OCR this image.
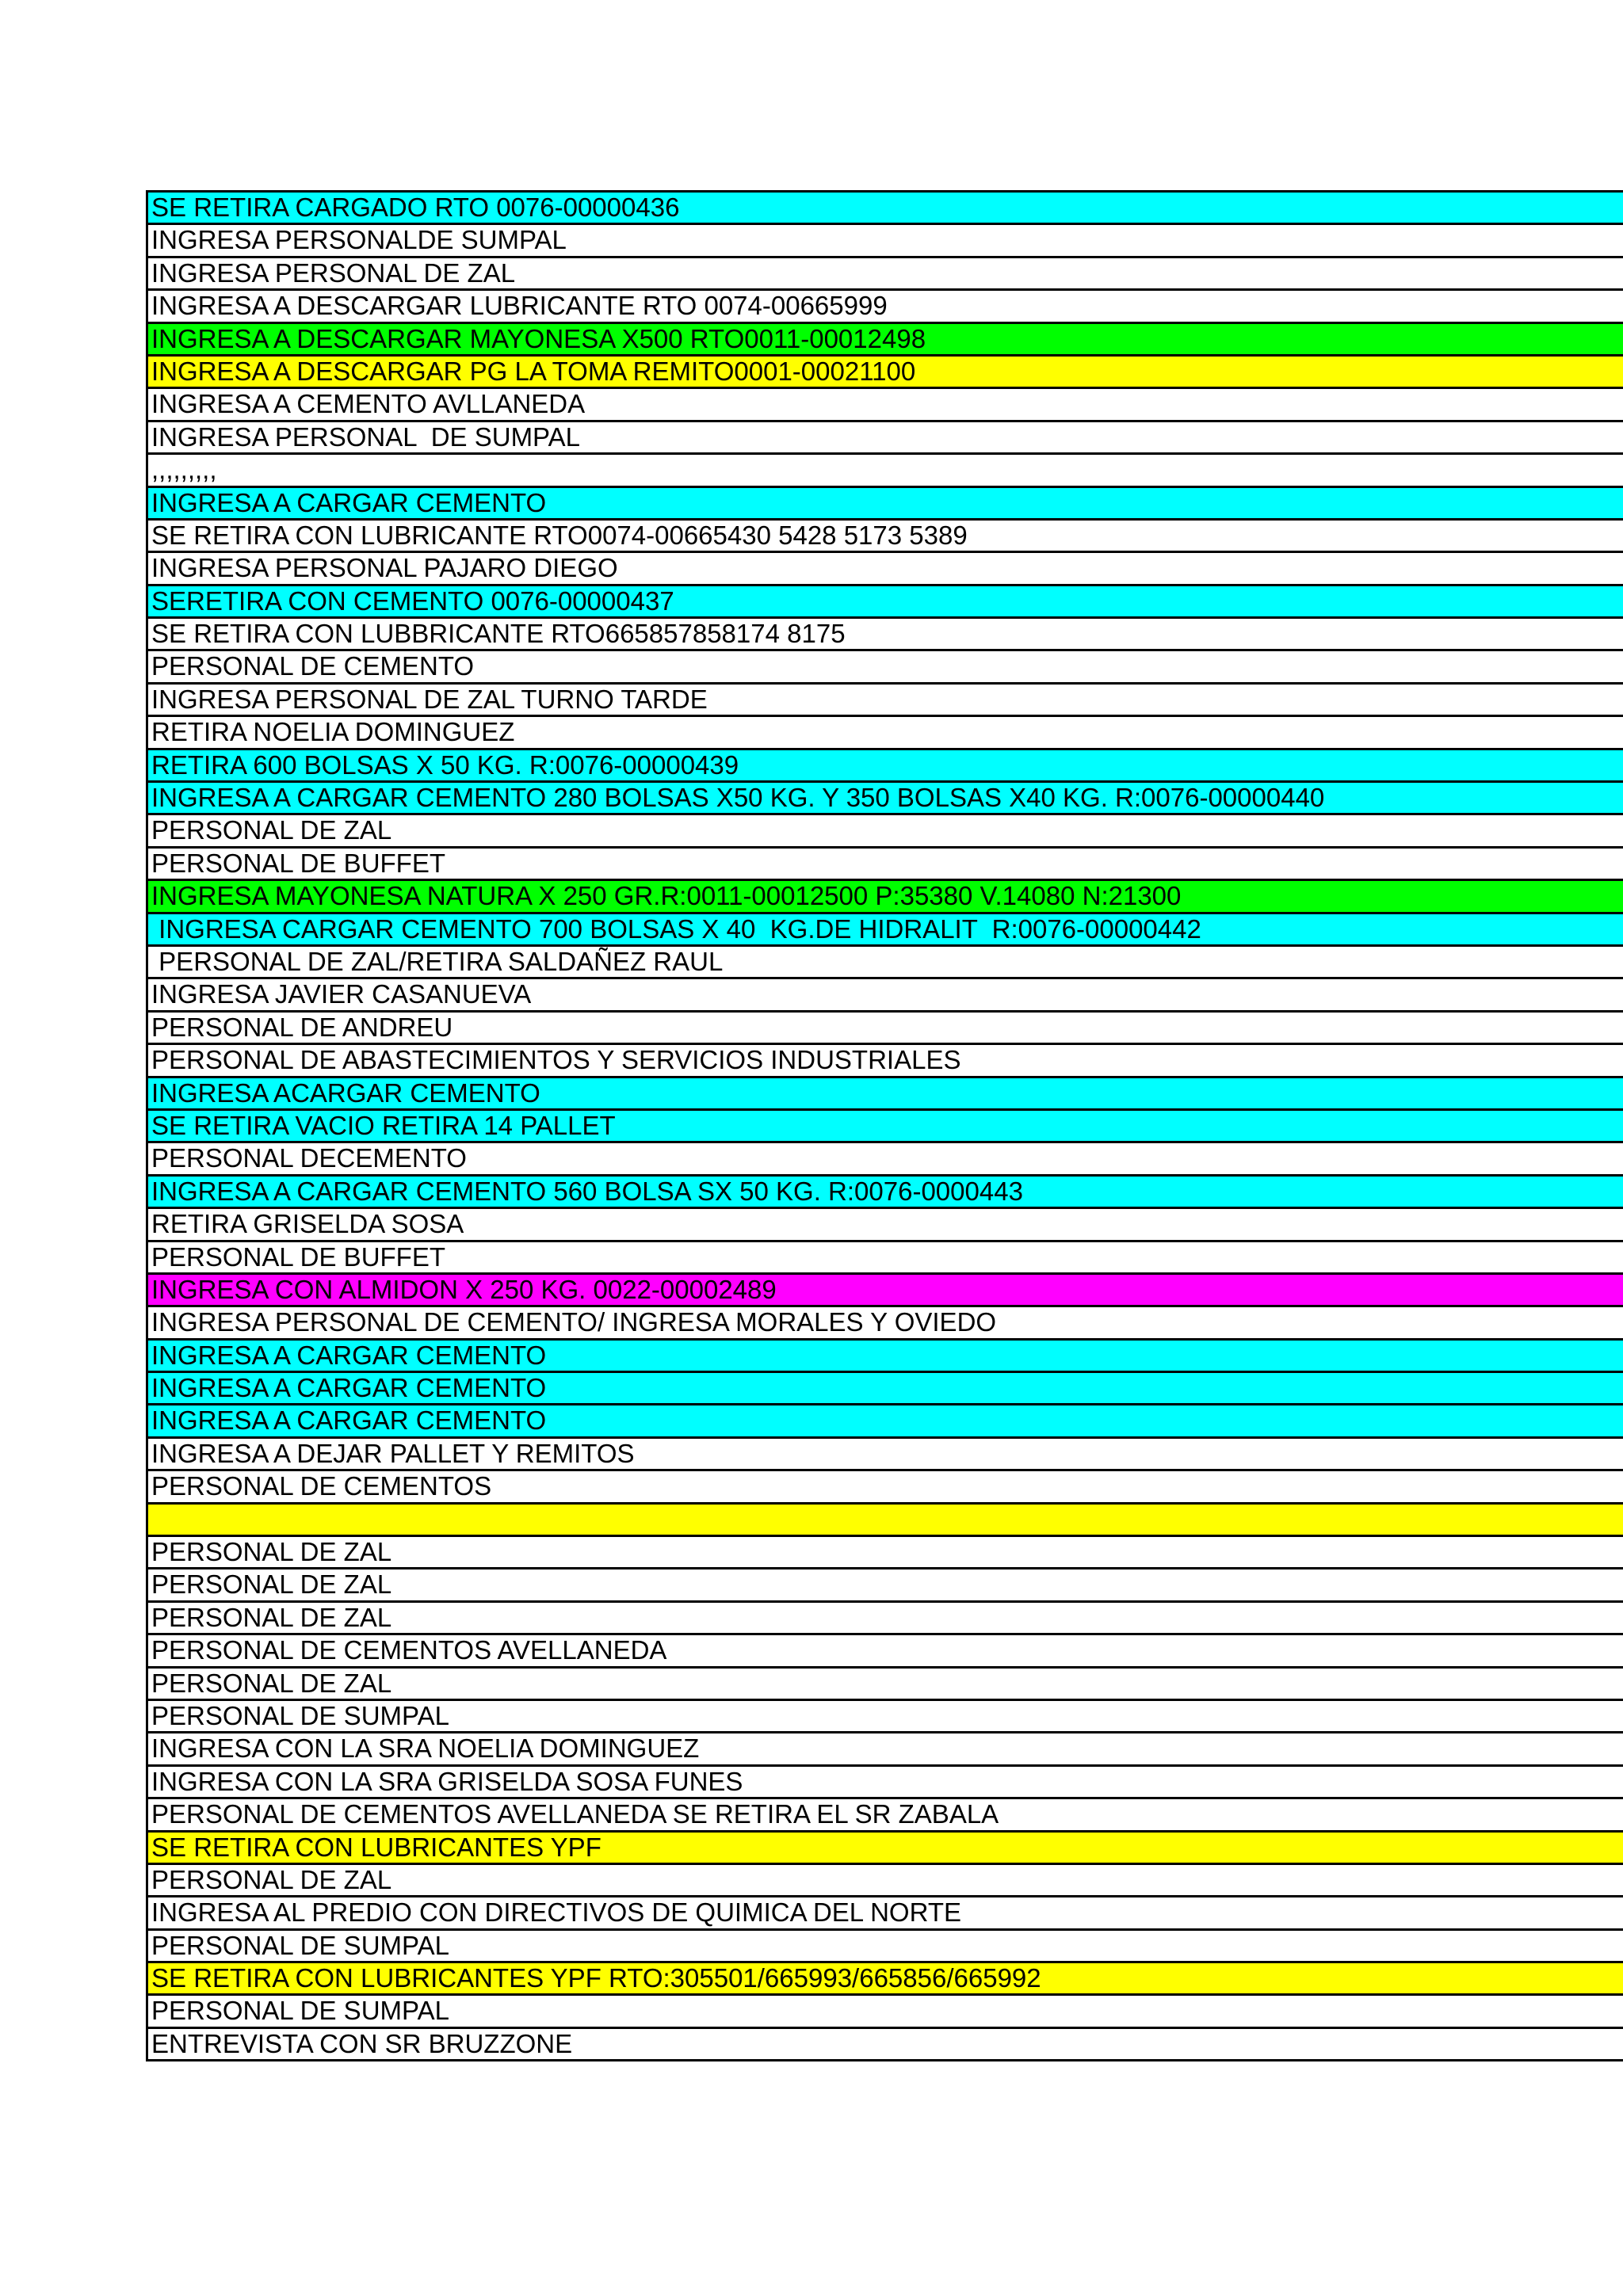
SE RETIRA CARGADO RTO 0076-00000436
INGRESA PERSONALDE SUMPAL
INGRESA PERSONAL DE ZAL
INGRESA A DESCARGAR LUBRICANTE RTO 0074-00665999
INGRESA A DESCARGAR MAYONESA X500 RTO0011-00012498
INGRESA A DESCARGAR PG LA TOMA REMITO0001-00021100
INGRESA A CEMENTO AVLLANEDA
INGRESA PERSONAL  DE SUMPAL
,,,,,,,,,
INGRESA A CARGAR CEMENTO
SE RETIRA CON LUBRICANTE RTO0074-00665430 5428 5173 5389
INGRESA PERSONAL PAJARO DIEGO
SERETIRA CON CEMENTO 0076-00000437
SE RETIRA CON LUBBRICANTE RTO665857858174 8175
PERSONAL DE CEMENTO
INGRESA PERSONAL DE ZAL TURNO TARDE
RETIRA NOELIA DOMINGUEZ
RETIRA 600 BOLSAS X 50 KG. R:0076-00000439
INGRESA A CARGAR CEMENTO 280 BOLSAS X50 KG. Y 350 BOLSAS X40 KG. R:0076-00000440
PERSONAL DE ZAL
PERSONAL DE BUFFET
INGRESA MAYONESA NATURA X 250 GR.R:0011-00012500 P:35380 V.14080 N:21300
INGRESA CARGAR CEMENTO 700 BOLSAS X 40  KG.DE HIDRALIT  R:0076-00000442
PERSONAL DE ZAL/RETIRA SALDAÑEZ RAUL
INGRESA JAVIER CASANUEVA
PERSONAL DE ANDREU
PERSONAL DE ABASTECIMIENTOS Y SERVICIOS INDUSTRIALES
INGRESA ACARGAR CEMENTO
SE RETIRA VACIO RETIRA 14 PALLET
PERSONAL DECEMENTO
INGRESA A CARGAR CEMENTO 560 BOLSA SX 50 KG. R:0076-0000443
RETIRA GRISELDA SOSA
PERSONAL DE BUFFET
INGRESA CON ALMIDON X 250 KG. 0022-00002489
INGRESA PERSONAL DE CEMENTO/ INGRESA MORALES Y OVIEDO
INGRESA A CARGAR CEMENTO
INGRESA A CARGAR CEMENTO
INGRESA A CARGAR CEMENTO
INGRESA A DEJAR PALLET Y REMITOS
PERSONAL DE CEMENTOS
PERSONAL DE ZAL
PERSONAL DE ZAL
PERSONAL DE ZAL
PERSONAL DE CEMENTOS AVELLANEDA
PERSONAL DE ZAL
PERSONAL DE SUMPAL
INGRESA CON LA SRA NOELIA DOMINGUEZ
INGRESA CON LA SRA GRISELDA SOSA FUNES
PERSONAL DE CEMENTOS AVELLANEDA SE RETIRA EL SR ZABALA
SE RETIRA CON LUBRICANTES YPF
PERSONAL DE ZAL
INGRESA AL PREDIO CON DIRECTIVOS DE QUIMICA DEL NORTE
PERSONAL DE SUMPAL
SE RETIRA CON LUBRICANTES YPF RTO:305501/665993/665856/665992
PERSONAL DE SUMPAL
ENTREVISTA CON SR BRUZZONE
